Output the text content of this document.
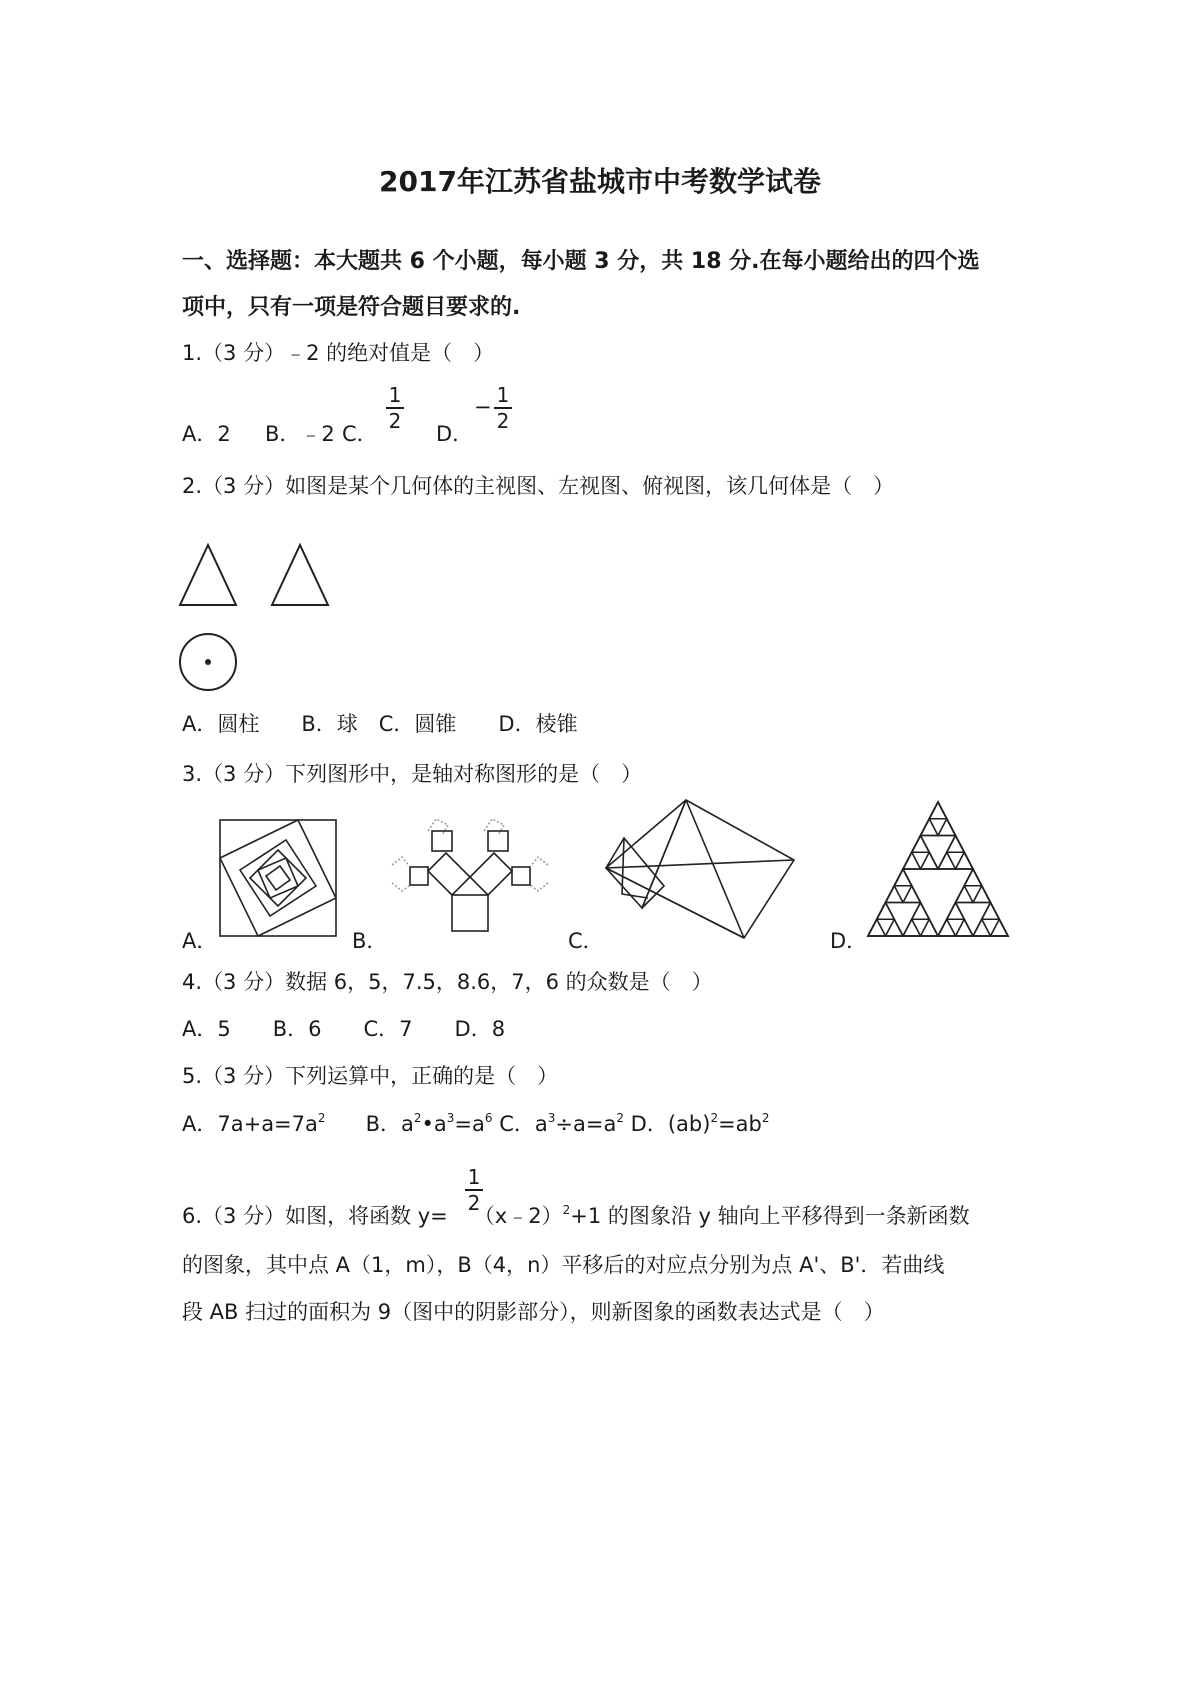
2017年江苏省盐城市中考数学试卷
一、选择题：本大题共 6 个小题，每小题 3 分，共 18 分.在每小题给出的四个选
项中，只有一项是符合题目要求的.
1.（3 分）﹣2 的绝对值是（　）
A．2 B．﹣2 C．
1
2
D．
− 1
2
2.（3 分）如图是某个几何体的主视图、左视图、俯视图，该几何体是（　）
A．圆柱　　B．球　C．圆锥　　D．棱锥
3.（3 分）下列图形中，是轴对称图形的是（　）
A．	B．	C．	D．
4.（3 分）数据 6，5，7.5，8.6，7，6 的众数是（　）
A．5　　B．6　　C．7　　D．8
5.（3 分）下列运算中，正确的是（　）
A．$7a+a=7a^2$ B．$a^2•a^3=a^6$ C．$a^3\div a=a^2$ D．$(ab)^2=ab^2$
6.（3 分）如图，将函数 y= （x﹣2）$^2$+1 的图象沿 y 轴向上平移得到一条新函数
1
2
的图象，其中点 A（1，m），B（4，n）平移后的对应点分别为点 A'、B'．若曲线
段 AB 扫过的面积为 9（图中的阴影部分），则新图象的函数表达式是（　）
